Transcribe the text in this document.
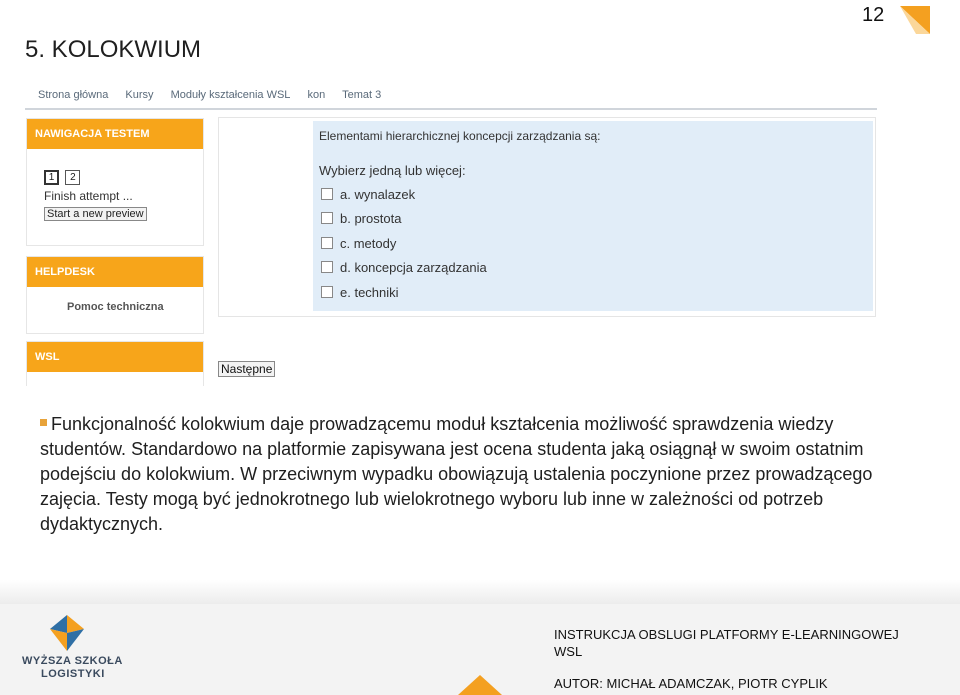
12
5. KOLOKWIUM
Strona główna Kursy Moduły kształcenia WSL kon Temat 3
NAWIGACJA TESTEM
1 2
Finish attempt ...
Start a new preview
HELPDESK
Pomoc techniczna
WSL
Elementami hierarchicznej koncepcji zarządzania są:
Wybierz jedną lub więcej:
a. wynalazek
b. prostota
c. metody
d. koncepcja zarządzania
e. techniki
Następne

Funkcjonalność kolokwium daje prowadzącemu moduł kształcenia możliwość sprawdzenia wiedzy studentów. Standardowo na platformie zapisywana jest ocena studenta jaką osiągnął w swoim ostatnim podejściu do kolokwium. W przeciwnym wypadku obowiązują ustalenia poczynione przez prowadzącego zajęcia. Testy mogą być jednokrotnego lub wielokrotnego wyboru lub inne w zależności od potrzeb dydaktycznych.

WYŻSZA SZKOŁA
LOGISTYKI
INSTRUKCJA OBSLUGI PLATFORMY E-LEARNINGOWEJ
WSL
AUTOR: MICHAŁ ADAMCZAK, PIOTR CYPLIK
